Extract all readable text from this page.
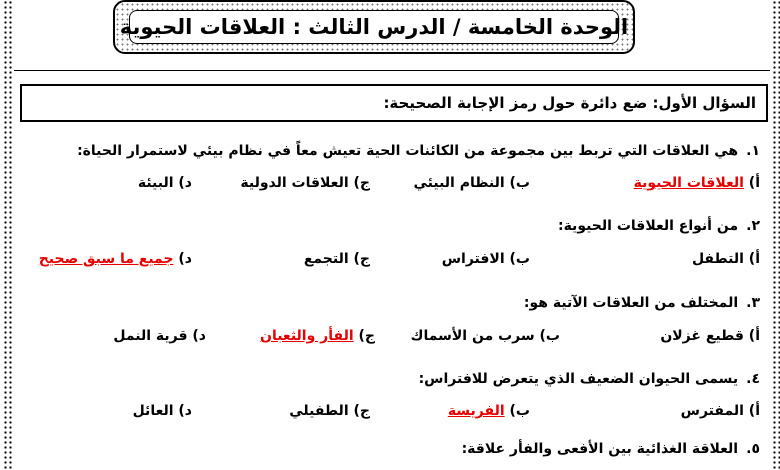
الوحدة الخامسة / الدرس الثالث : العلاقات الحيوية
السؤال الأول: ضع دائرة حول رمز الإجابة الصحيحة:
١.هي العلاقات التي تربط بين مجموعة من الكائنات الحية تعيش معاً في نظام بيئي لاستمرار الحياة:
أ) العلاقات الحيوية
ب) النظام البيئي
ج) العلاقات الدولية
د) البيئة
٢.من أنواع العلاقات الحيوية:
أ) التطفل
ب) الافتراس
ج) التجمع
د) جميع ما سبق صحيح
٣.المختلف من العلاقات الآتية هو:
أ) قطيع غزلان
ب) سرب من الأسماك
ج) الفأر والثعبان
د) قرية النمل
٤.يسمى الحيوان الضعيف الذي يتعرض للافتراس:
أ) المفترس
ب) الفريسة
ج) الطفيلي
د) العائل
٥.العلاقة الغذائية بين الأفعى والفأر علاقة:
